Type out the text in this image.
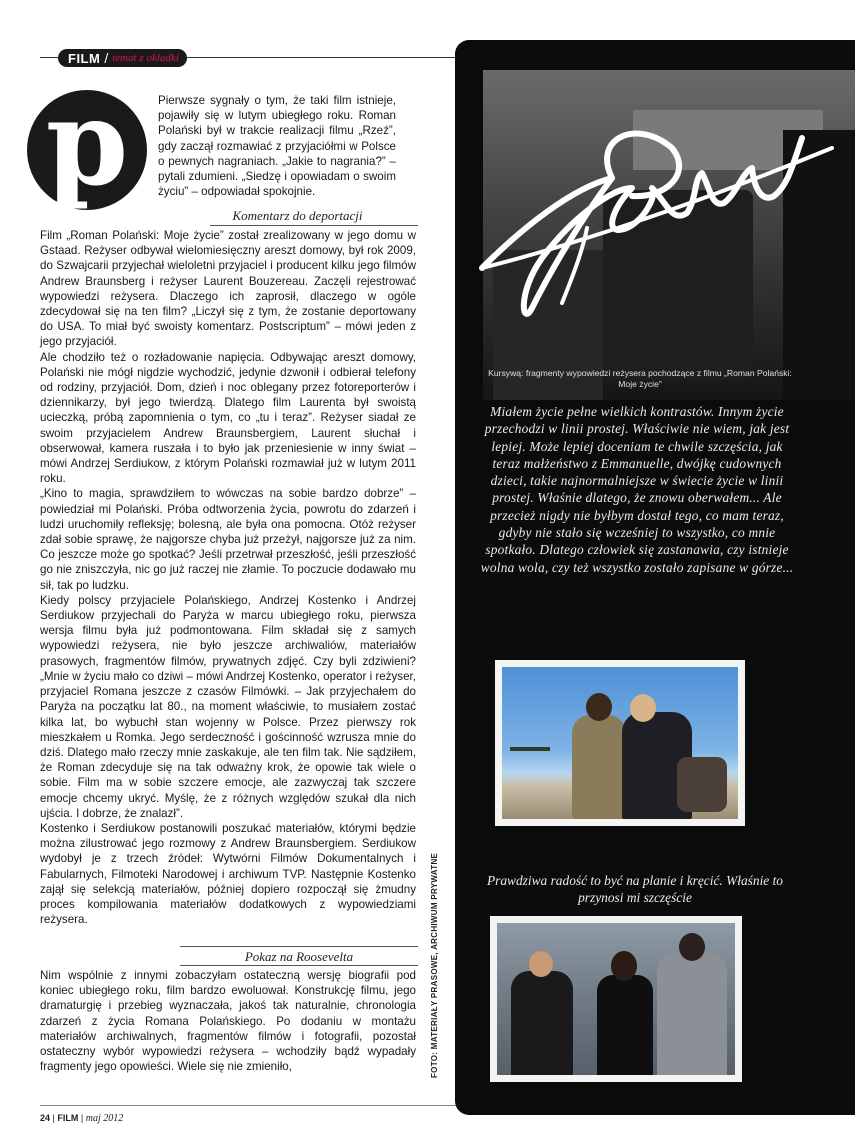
FILM / temat z okładki
p	Pierwsze sygnały o tym, że taki film istnieje, pojawiły się w lutym ubiegłego roku. Roman Polański był w trakcie realizacji filmu „Rzeź”, gdy zaczął rozmawiać z przyjaciółmi w Polsce o pewnych nagraniach. „Jakie to nagrania?” – pytali zdumieni. „Siedzę i opowiadam o swoim życiu” – odpowiadał spokojnie.

Komentarz do deportacji

Film „Roman Polański: Moje życie” został zrealizowany w jego domu w Gstaad. Reżyser odbywał wielomiesięczny areszt domowy, był rok 2009, do Szwajcarii przyjechał wieloletni przyjaciel i producent kilku jego filmów Andrew Braunsberg i reżyser Laurent Bouzereau. Zaczęli rejestrować wypowiedzi reżysera. Dlaczego ich zaprosił, dlaczego w ogóle zdecydował się na ten film? „Liczył się z tym, że zostanie deportowany do USA. To miał być swoisty komentarz. Postscriptum” – mówi jeden z jego przyjaciół.

Ale chodziło też o rozładowanie napięcia. Odbywając areszt domowy, Polański nie mógł nigdzie wychodzić, jedynie dzwonił i odbierał telefony od rodziny, przyjaciół. Dom, dzień i noc oblegany przez fotoreporterów i dziennikarzy, był jego twierdzą. Dlatego film Laurenta był swoistą ucieczką, próbą zapomnienia o tym, co „tu i teraz”. Reżyser siadał ze swoim przyjacielem Andrew Braunsbergiem, Laurent słuchał i obserwował, kamera ruszała i to było jak przeniesienie w inny świat – mówi Andrzej Serdiukow, z którym Polański rozmawiał już w lutym 2011 roku.

„Kino to magia, sprawdziłem to wówczas na sobie bardzo dobrze” – powiedział mi Polański. Próba odtworzenia życia, powrotu do zdarzeń i ludzi uruchomiły refleksję; bolesną, ale była ona pomocna. Otóż reżyser zdał sobie sprawę, że najgorsze chyba już przeżył, najgorsze już za nim. Co jeszcze może go spotkać? Jeśli przetrwał przeszłość, jeśli przeszłość go nie zniszczyła, nic go już raczej nie złamie. To poczucie dodawało mu sił, tak po ludzku.

Kiedy polscy przyjaciele Polańskiego, Andrzej Kostenko i Andrzej Serdiukow przyjechali do Paryża w marcu ubiegłego roku, pierwsza wersja filmu była już podmontowana. Film składał się z samych wypowiedzi reżysera, nie było jeszcze archiwaliów, materiałów prasowych, fragmentów filmów, prywatnych zdjęć. Czy byli zdziwieni? „Mnie w życiu mało co dziwi – mówi Andrzej Kostenko, operator i reżyser, przyjaciel Romana jeszcze z czasów Filmówki. – Jak przyjechałem do Paryża na początku lat 80., na moment właściwie, to musiałem zostać kilka lat, bo wybuchł stan wojenny w Polsce. Przez pierwszy rok mieszkałem u Romka. Jego serdeczność i gościnność wzrusza mnie do dziś. Dlatego mało rzeczy mnie zaskakuje, ale ten film tak. Nie sądziłem, że Roman zdecyduje się na tak odważny krok, że opowie tak wiele o sobie. Film ma w sobie szczere emocje, ale zazwyczaj tak szczere emocje chcemy ukryć. Myślę, że z różnych względów szukał dla nich ujścia. I dobrze, że znalazł”.

Kostenko i Serdiukow postanowili poszukać materiałów, którymi będzie można zilustrować jego rozmowy z Andrew Braunsbergiem. Serdiukow wydobył je z trzech źródeł: Wytwórni Filmów Dokumentalnych i Fabularnych, Filmoteki Narodowej i archiwum TVP. Następnie Kostenko zajął się selekcją materiałów, później dopiero rozpoczął się żmudny proces kompilowania materiałów dodatkowych z wypowiedziami reżysera.

Pokaz na Roosevelta

Nim wspólnie z innymi zobaczyłam ostateczną wersję biografii pod koniec ubiegłego roku, film bardzo ewoluował. Konstrukcję filmu, jego dramaturgię i przebieg wyznaczała, jakoś tak naturalnie, chronologia zdarzeń z życia Romana Polańskiego. Po dodaniu w montażu materiałów archiwalnych, fragmentów filmów i fotografii, pozostał ostateczny wybór wypowiedzi reżysera – wchodziły bądź wypadały fragmenty jego opowieści. Wiele się nie zmieniło,	FOTO: MATERIAŁY PRASOWE, ARCHIWUM PRYWATNE
24 | FILM | maj 2012
Kursywą: fragmenty wypowiedzi reżysera pochodzące z filmu „Roman Polański: Moje życie”
Miałem życie pełne wielkich kontrastów. Innym życie przechodzi w linii prostej. Właściwie nie wiem, jak jest lepiej. Może lepiej doceniam te chwile szczęścia, jak teraz małżeństwo z Emmanuelle, dwójkę cudownych dzieci, takie najnormalniejsze w świecie życie w linii prostej. Właśnie dlatego, że znowu oberwałem... Ale przecież nigdy nie byłbym dostał tego, co mam teraz, gdyby nie stało się wcześniej to wszystko, co mnie spotkało. Dlatego człowiek się zastanawia, czy istnieje wolna wola, czy też wszystko zostało zapisane w górze...
Prawdziwa radość to być na planie i kręcić. Właśnie to przynosi mi szczęście
